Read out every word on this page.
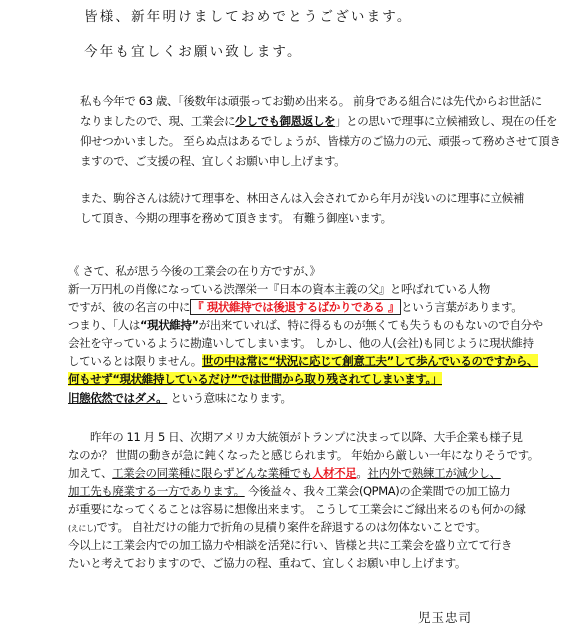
皆様、新年明けましておめでとうございます。
今年も宜しくお願い致します。
私も今年で 63 歳、「後数年は頑張ってお勤め出来る。 前身である組合には先代からお世話に
なりましたので、現、工業会に少しでも御恩返しを」との思いで理事に立候補致し、現在の任を
仰せつかいました。 至らぬ点はあるでしょうが、皆様方のご協力の元、頑張って務めさせて頂き
ますので、ご支援の程、宜しくお願い申し上げます。
また、駒谷さんは続けて理事を、林田さんは入会されてから年月が浅いのに理事に立候補
して頂き、今期の理事を務めて頂きます。 有難う御座います。
《 さて、私が思う今後の工業会の在り方ですが、》
新一万円札の肖像になっている渋澤栄一『日本の資本主義の父』と呼ばれている人物
ですが、彼の名言の中に 『 現状維持では後退するばかりである 』 という言葉があります。
つまり、「人は“現状維持”が出来ていれば、特に得るものが無くても失うものもないので自分や
会社を守っているように勘違いしてしまいます。 しかし、他の人(会社)も同じように現状維持
しているとは限りません。世の中は常に“状況に応じて創意工夫”して歩んでいるのですから、
何もせず“現状維持しているだけ”では世間から取り残されてしまいます。」
旧態依然ではダメ。 という意味になります。
昨年の 11 月 5 日、次期アメリカ大統領がトランプに決まって以降、大手企業も様子見
なのか？ 世間の動きが急に鈍くなったと感じられます。 年始から厳しい一年になりそうです。
加えて、工業会の同業種に限らずどんな業種でも人材不足。社内外で熟練工が減少し、
加工先も廃業する一方であります。 今後益々、我々工業会(QPMA)の企業間での加工協力
が重要になってくることは容易に想像出来ます。 こうして工業会にご縁出来るのも何かの縁
(えにし)です。 自社だけの能力で折角の見積り案件を辞退するのは勿体ないことです。
今以上に工業会内での加工協力や相談を活発に行い、皆様と共に工業会を盛り立てて行き
たいと考えておりますので、ご協力の程、重ねて、宜しくお願い申し上げます。
児玉忠司
